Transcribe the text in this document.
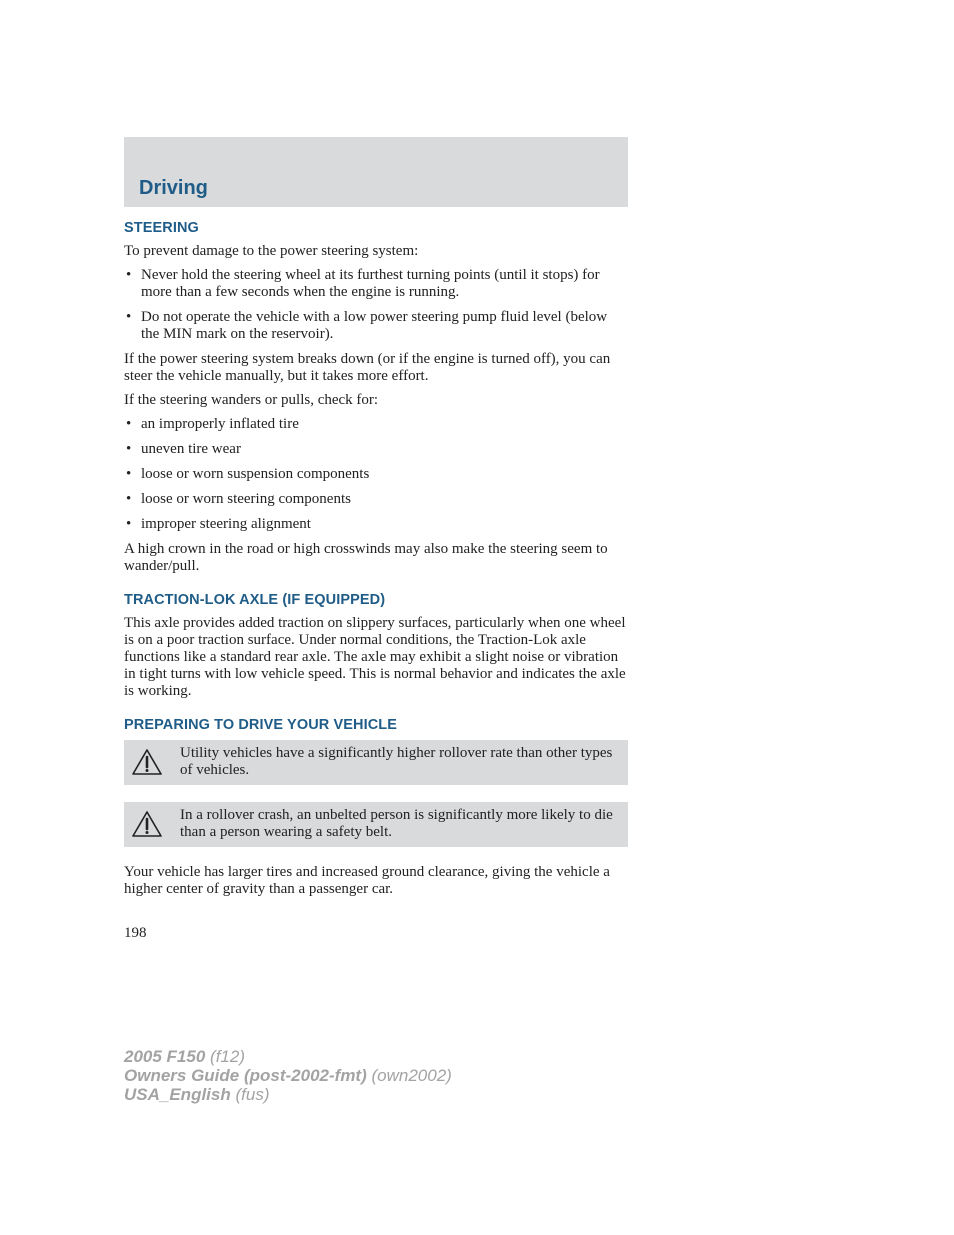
Driving
STEERING

To prevent damage to the power steering system:

• Never hold the steering wheel at its furthest turning points (until it stops) for more than a few seconds when the engine is running.
• Do not operate the vehicle with a low power steering pump fluid level (below the MIN mark on the reservoir).

If the power steering system breaks down (or if the engine is turned off), you can steer the vehicle manually, but it takes more effort.

If the steering wanders or pulls, check for:

• an improperly inflated tire
• uneven tire wear
• loose or worn suspension components
• loose or worn steering components
• improper steering alignment

A high crown in the road or high crosswinds may also make the steering seem to wander/pull.

TRACTION-LOK AXLE (IF EQUIPPED)

This axle provides added traction on slippery surfaces, particularly when one wheel is on a poor traction surface. Under normal conditions, the Traction-Lok axle functions like a standard rear axle. The axle may exhibit a slight noise or vibration in tight turns with low vehicle speed. This is normal behavior and indicates the axle is working.

PREPARING TO DRIVE YOUR VEHICLE
Utility vehicles have a significantly higher rollover rate than other types of vehicles.
In a rollover crash, an unbelted person is significantly more likely to die than a person wearing a safety belt.

Your vehicle has larger tires and increased ground clearance, giving the vehicle a higher center of gravity than a passenger car.

198

2005 F150 (f12)
Owners Guide (post-2002-fmt) (own2002)
USA_English (fus)
